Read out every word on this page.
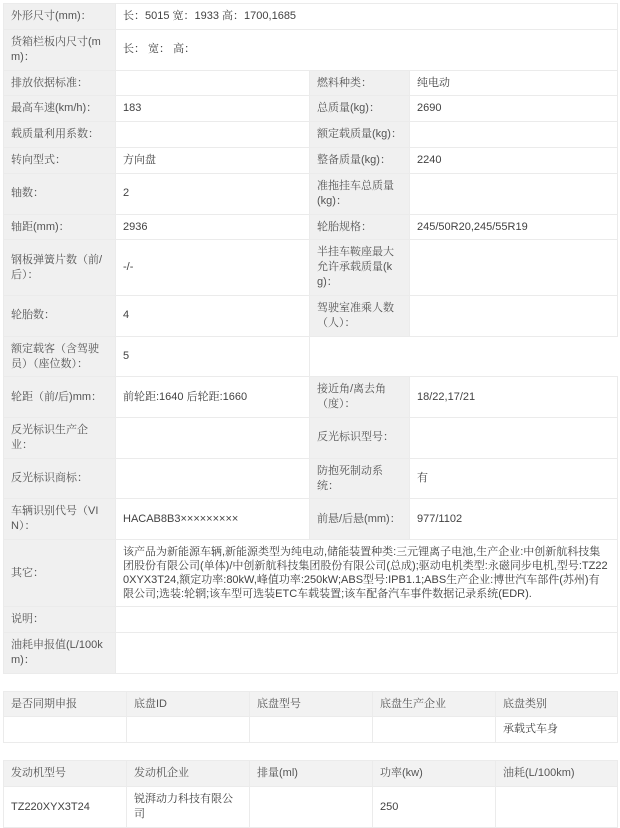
外形尺寸(mm)：	长：5015 宽：1933 高：1700,1685		
货箱栏板内尺寸(mm)：	长： 宽： 高：		
排放依据标准：		燃料种类：	纯电动
最高车速(km/h)：	183	总质量(kg)：	2690
载质量利用系数：		额定载质量(kg)：	
转向型式：	方向盘	整备质量(kg)：	2240
轴数：	2	准拖挂车总质量(kg)：	
轴距(mm)：	2936	轮胎规格：	245/50R20,245/55R19
钢板弹簧片数（前/后）：	-/-	半挂车鞍座最大允许承载质量(kg)：	
轮胎数：	4	驾驶室准乘人数（人）：	
额定载客（含驾驶员）（座位数）：	5		
轮距（前/后)mm：	前轮距:1640 后轮距:1660	接近角/离去角（度）：	18/22,17/21
反光标识生产企业：		反光标识型号：	
反光标识商标：		防抱死制动系统：	有
车辆识别代号（VIN）：	HACAB8B3×××××××××	前悬/后悬(mm)：	977/1102
其它：	该产品为新能源车辆,新能源类型为纯电动,储能装置种类:三元锂离子电池,生产企业:中创新航科技集团股份有限公司(单体)/中创新航科技集团股份有限公司(总成);驱动电机类型:永磁同步电机,型号:TZ220XYX3T24,额定功率:80kW,峰值功率:250kW;ABS型号:IPB1.1;ABS生产企业:博世汽车部件(苏州)有限公司;选装:轮辋;该车型可选装ETC车载装置;该车配备汽车事件数据记录系统(EDR).		
说明：			
油耗申报值(L/100km)：			
是否同期申报	底盘ID	底盘型号	底盘生产企业	底盘类别
				承载式车身
发动机型号	发动机企业	排量(ml)	功率(kw)	油耗(L/100km)
TZ220XYX3T24	锐湃动力科技有限公司		250	
